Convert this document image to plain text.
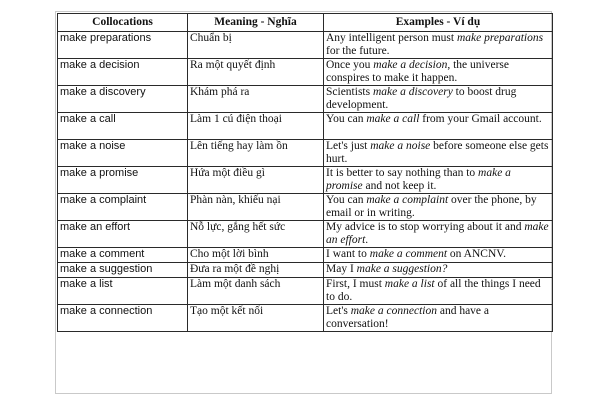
Collocations	Meaning - Nghĩa	Examples - Ví dụ
make preparations	Chuẩn bị	Any intelligent person must make preparations for the future.
make a decision	Ra một quyết định	Once you make a decision, the universe conspires to make it happen.
make a discovery	Khám phá ra	Scientists make a discovery to boost drug development.
make a call	Làm 1 cú điện thoại	You can make a call from your Gmail account.
make a noise	Lên tiếng hay làm ồn	Let's just make a noise before someone else gets hurt.
make a promise	Hứa một điều gì	It is better to say nothing than to make a promise and not keep it.
make a complaint	Phàn nàn, khiếu nại	You can make a complaint over the phone, by email or in writing.
make an effort	Nỗ lực, gắng hết sức	My advice is to stop worrying about it and make an effort.
make a comment	Cho một lời bình	I want to make a comment on ANCNV.
make a suggestion	Đưa ra một đề nghị	May I make a suggestion?
make a list	Làm một danh sách	First, I must make a list of all the things I need to do.
make a connection	Tạo một kết nối	Let's make a connection and have a conversation!
